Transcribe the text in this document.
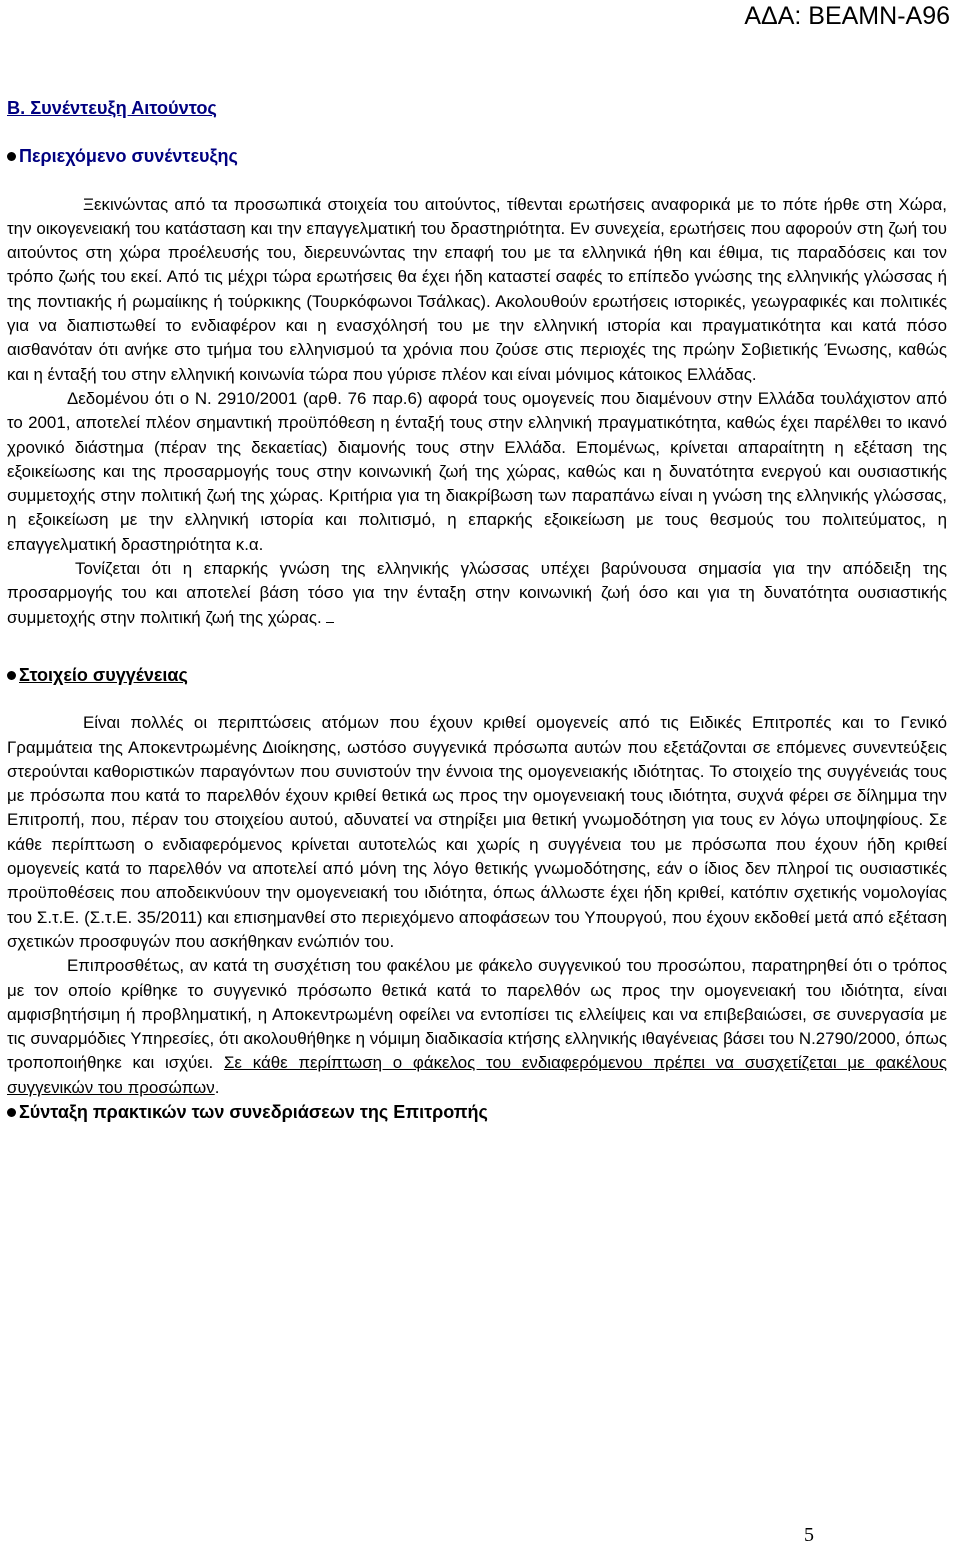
ΑΔΑ: ΒΕΑΜΝ-Α96

Β. Συνέντευξη Αιτούντος

Περιεχόμενο συνέντευξης

Ξεκινώντας από τα προσωπικά στοιχεία του αιτούντος, τίθενται ερωτήσεις αναφορικά με το πότε ήρθε στη Χώρα, την οικογενειακή του κατάσταση και την επαγγελματική του δραστηριότητα. Εν συνεχεία, ερωτήσεις που αφορούν στη ζωή του αιτούντος στη χώρα προέλευσής του, διερευνώντας την επαφή του με τα ελληνικά ήθη και έθιμα, τις παραδόσεις και τον τρόπο ζωής του εκεί. Από τις μέχρι τώρα ερωτήσεις θα έχει ήδη καταστεί σαφές το επίπεδο γνώσης της ελληνικής γλώσσας ή της ποντιακής ή ρωμαίικης ή τούρκικης (Τουρκόφωνοι Τσάλκας). Ακολουθούν ερωτήσεις ιστορικές, γεωγραφικές και πολιτικές για να διαπιστωθεί το ενδιαφέρον και η ενασχόλησή του με την ελληνική ιστορία και πραγματικότητα και κατά πόσο αισθανόταν ότι ανήκε στο τμήμα του ελληνισμού τα χρόνια που ζούσε στις περιοχές της πρώην Σοβιετικής Ένωσης, καθώς και η ένταξή του στην ελληνική κοινωνία τώρα που γύρισε πλέον και είναι μόνιμος κάτοικος Ελλάδας.

Δεδομένου ότι ο Ν. 2910/2001 (αρθ. 76 παρ.6) αφορά τους ομογενείς που διαμένουν στην Ελλάδα τουλάχιστον από το 2001, αποτελεί πλέον σημαντική προϋπόθεση η ένταξή τους στην ελληνική πραγματικότητα, καθώς έχει παρέλθει το ικανό χρονικό διάστημα (πέραν της δεκαετίας) διαμονής τους στην Ελλάδα. Επομένως, κρίνεται απαραίτητη η εξέταση της εξοικείωσης και της προσαρμογής τους στην κοινωνική ζωή της χώρας, καθώς και η δυνατότητα ενεργού και ουσιαστικής συμμετοχής στην πολιτική ζωή της χώρας. Κριτήρια για τη διακρίβωση των παραπάνω είναι η γνώση της ελληνικής γλώσσας, η εξοικείωση με την ελληνική ιστορία και πολιτισμό, η επαρκής εξοικείωση με τους θεσμούς του πολιτεύματος, η επαγγελματική δραστηριότητα κ.α.

Τονίζεται ότι η επαρκής γνώση της ελληνικής γλώσσας υπέχει βαρύνουσα σημασία για την απόδειξη της προσαρμογής του και αποτελεί βάση τόσο για την ένταξη στην κοινωνική ζωή όσο και για τη δυνατότητα ουσιαστικής συμμετοχής στην πολιτική ζωή της χώρας.

Στοιχείο συγγένειας

Είναι πολλές οι περιπτώσεις ατόμων που έχουν κριθεί ομογενείς από τις Ειδικές Επιτροπές και το Γενικό Γραμμάτεια της Αποκεντρωμένης Διοίκησης, ωστόσο συγγενικά πρόσωπα αυτών που εξετάζονται σε επόμενες συνεντεύξεις στερούνται καθοριστικών παραγόντων που συνιστούν την έννοια της ομογενειακής ιδιότητας. Το στοιχείο της συγγένειάς τους με πρόσωπα που κατά το παρελθόν έχουν κριθεί θετικά ως προς την ομογενειακή τους ιδιότητα, συχνά φέρει σε δίλημμα την Επιτροπή, που, πέραν του στοιχείου αυτού, αδυνατεί να στηρίξει μια θετική γνωμοδότηση για τους εν λόγω υποψηφίους. Σε κάθε περίπτωση ο ενδιαφερόμενος κρίνεται αυτοτελώς και χωρίς η συγγένεια του με πρόσωπα που έχουν ήδη κριθεί ομογενείς κατά το παρελθόν να αποτελεί από μόνη της λόγο θετικής γνωμοδότησης, εάν ο ίδιος δεν πληροί τις ουσιαστικές προϋποθέσεις που αποδεικνύουν την ομογενειακή του ιδιότητα, όπως άλλωστε έχει ήδη κριθεί, κατόπιν σχετικής νομολογίας του Σ.τ.Ε. (Σ.τ.Ε. 35/2011) και επισημανθεί στο περιεχόμενο αποφάσεων του Υπουργού, που έχουν εκδοθεί μετά από εξέταση σχετικών προσφυγών που ασκήθηκαν ενώπιόν του.

Επιπροσθέτως, αν κατά τη συσχέτιση του φακέλου με φάκελο συγγενικού του προσώπου, παρατηρηθεί ότι ο τρόπος με τον οποίο κρίθηκε το συγγενικό πρόσωπο θετικά κατά το παρελθόν ως προς την ομογενειακή του ιδιότητα, είναι αμφισβητήσιμη ή προβληματική, η Αποκεντρωμένη οφείλει να εντοπίσει τις ελλείψεις και να επιβεβαιώσει, σε συνεργασία με τις συναρμόδιες Υπηρεσίες, ότι ακολουθήθηκε η νόμιμη διαδικασία κτήσης ελληνικής ιθαγένειας βάσει του Ν.2790/2000, όπως τροποποιήθηκε και ισχύει. Σε κάθε περίπτωση ο φάκελος του ενδιαφερόμενου πρέπει να συσχετίζεται με φακέλους συγγενικών του προσώπων.

Σύνταξη πρακτικών των συνεδριάσεων της Επιτροπής
5
